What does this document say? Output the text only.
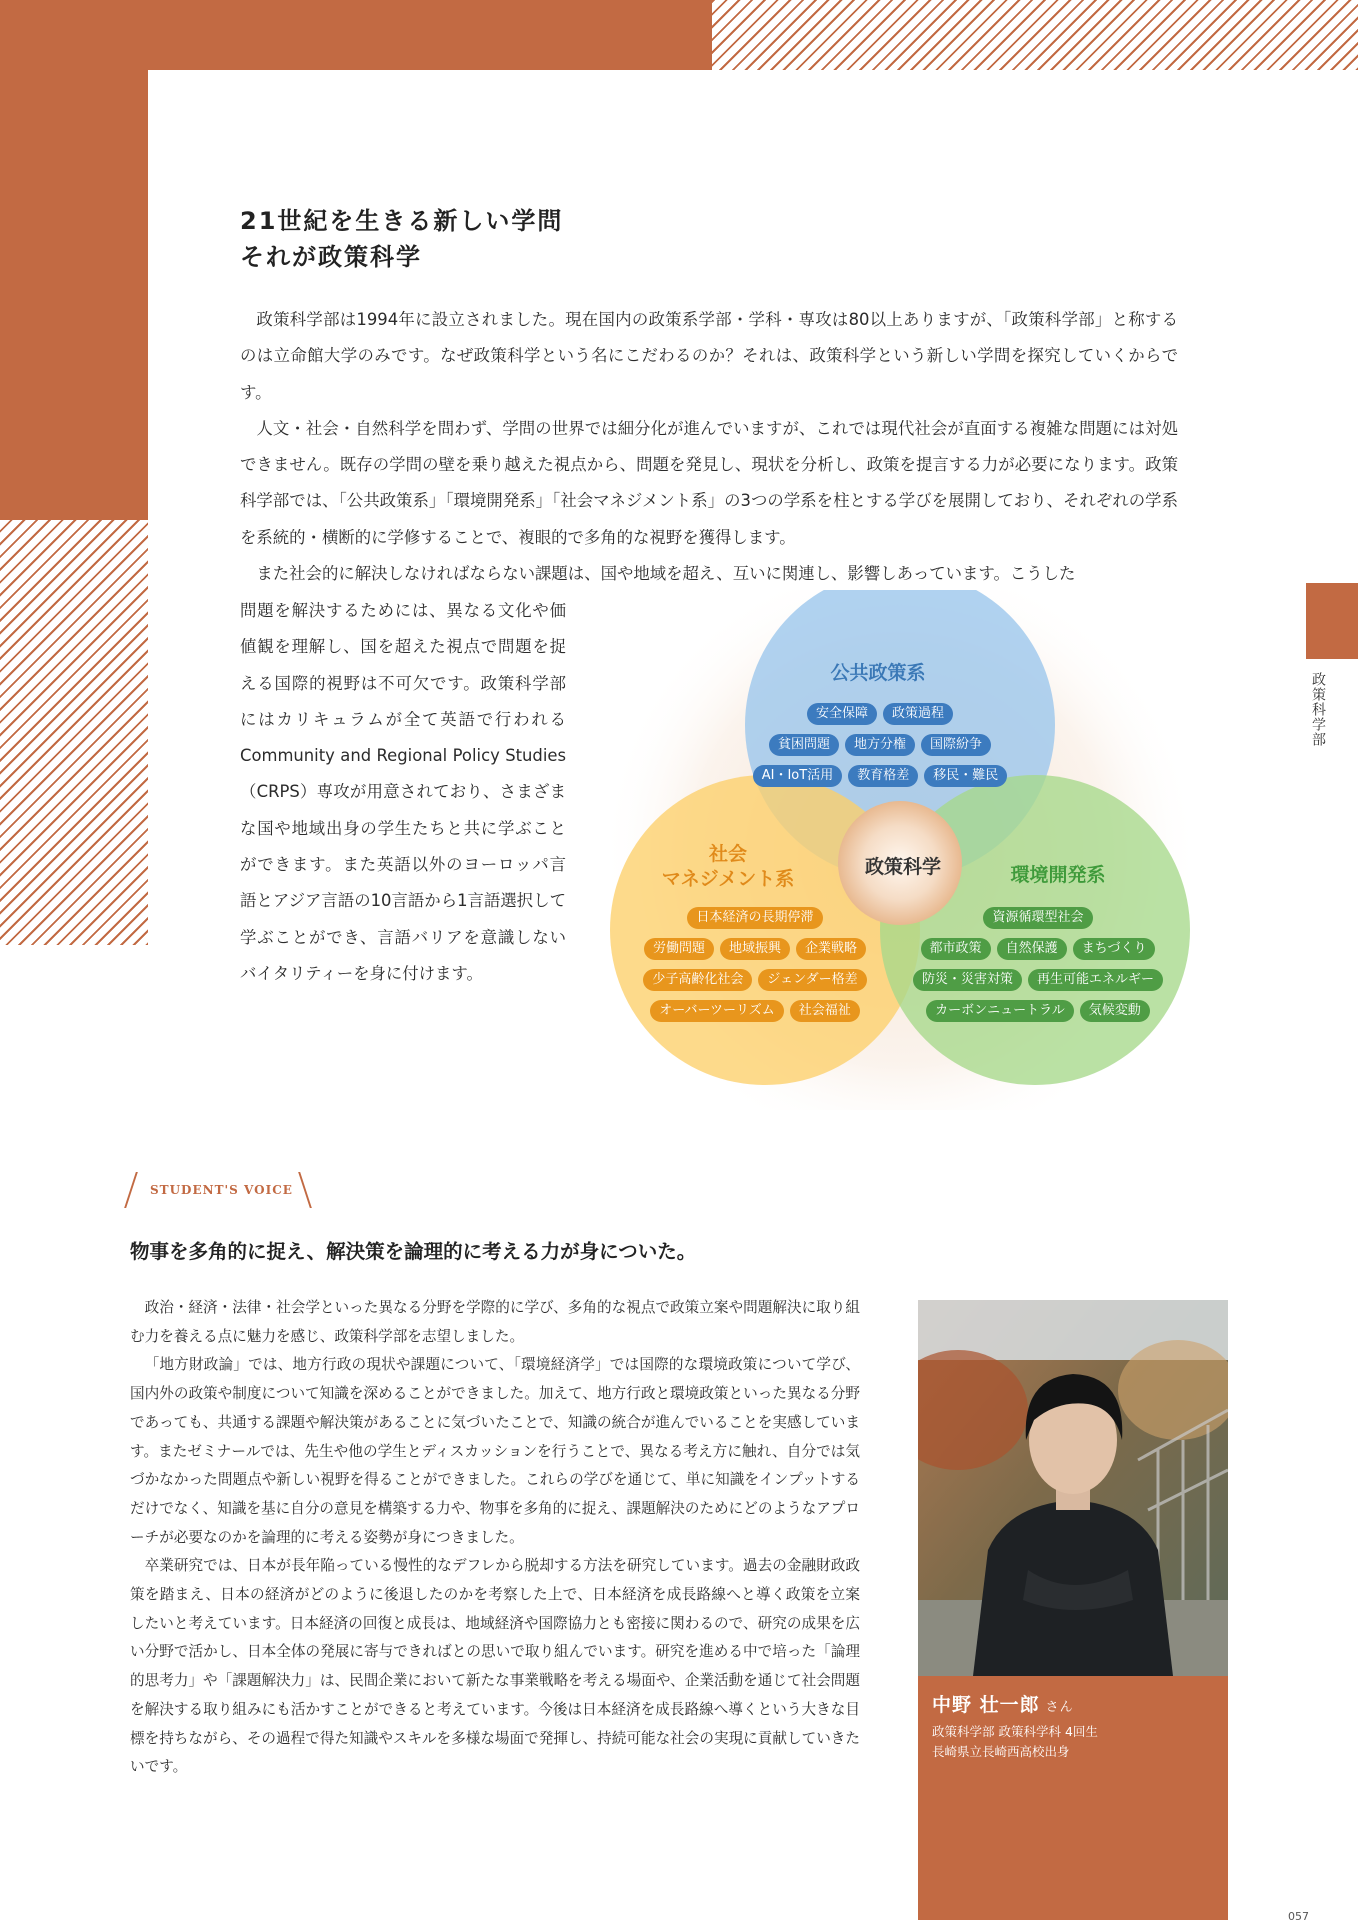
政策科学部
21世紀を生きる新しい学問
それが政策科学

政策科学部は1994年に設立されました。現在国内の政策系学部・学科・専攻は80以上ありますが、「政策科学部」と称するのは立命館大学のみです。なぜ政策科学という名にこだわるのか？それは、政策科学という新しい学問を探究していくからです。

人文・社会・自然科学を問わず、学問の世界では細分化が進んでいますが、これでは現代社会が直面する複雑な問題には対処できません。既存の学問の壁を乗り越えた視点から、問題を発見し、現状を分析し、政策を提言する力が必要になります。政策科学部では、「公共政策系」「環境開発系」「社会マネジメント系」の3つの学系を柱とする学びを展開しており、それぞれの学系を系統的・横断的に学修することで、複眼的で多角的な視野を獲得します。

また社会的に解決しなければならない課題は、国や地域を超え、互いに関連し、影響しあっています。こうした

問題を解決するためには、異なる文化や価値観を理解し、国を超えた視点で問題を捉える国際的視野は不可欠です。政策科学部にはカリキュラムが全て英語で行われるCommunity and Regional Policy Studies（CRPS）専攻が用意されており、さまざまな国や地域出身の学生たちと共に学ぶことができます。また英語以外のヨーロッパ言語とアジア言語の10言語から1言語選択して学ぶことができ、言語バリアを意識しないバイタリティーを身に付けます。
公共政策系
社会
マネジメント系	環境開発系
政策科学
安全保障	政策過程
貧困問題	地方分権	国際紛争
AI・IoT活用	教育格差	移民・難民
日本経済の長期停滞
労働問題	地域振興	企業戦略
少子高齢化社会	ジェンダー格差
オーバーツーリズム	社会福祉
資源循環型社会
都市政策	自然保護	まちづくり
防災・災害対策	再生可能エネルギー
カーボンニュートラル	気候変動
STUDENT'S VOICE
物事を多角的に捉え、解決策を論理的に考える力が身についた。

政治・経済・法律・社会学といった異なる分野を学際的に学び、多角的な視点で政策立案や問題解決に取り組む力を養える点に魅力を感じ、政策科学部を志望しました。

「地方財政論」では、地方行政の現状や課題について、「環境経済学」では国際的な環境政策について学び、国内外の政策や制度について知識を深めることができました。加えて、地方行政と環境政策といった異なる分野であっても、共通する課題や解決策があることに気づいたことで、知識の統合が進んでいることを実感しています。またゼミナールでは、先生や他の学生とディスカッションを行うことで、異なる考え方に触れ、自分では気づかなかった問題点や新しい視野を得ることができました。これらの学びを通じて、単に知識をインプットするだけでなく、知識を基に自分の意見を構築する力や、物事を多角的に捉え、課題解決のためにどのようなアプローチが必要なのかを論理的に考える姿勢が身につきました。

卒業研究では、日本が長年陥っている慢性的なデフレから脱却する方法を研究しています。過去の金融財政政策を踏まえ、日本の経済がどのように後退したのかを考察した上で、日本経済を成長路線へと導く政策を立案したいと考えています。日本経済の回復と成長は、地域経済や国際協力とも密接に関わるので、研究の成果を広い分野で活かし、日本全体の発展に寄与できればとの思いで取り組んでいます。研究を進める中で培った「論理的思考力」や「課題解決力」は、民間企業において新たな事業戦略を考える場面や、企業活動を通じて社会問題を解決する取り組みにも活かすことができると考えています。今後は日本経済を成長路線へ導くという大きな目標を持ちながら、その過程で得た知識やスキルを多様な場面で発揮し、持続可能な社会の実現に貢献していきたいです。

中野 壮一郎 さん
政策科学部 政策科学科 4回生
長崎県立長崎西高校出身
057
